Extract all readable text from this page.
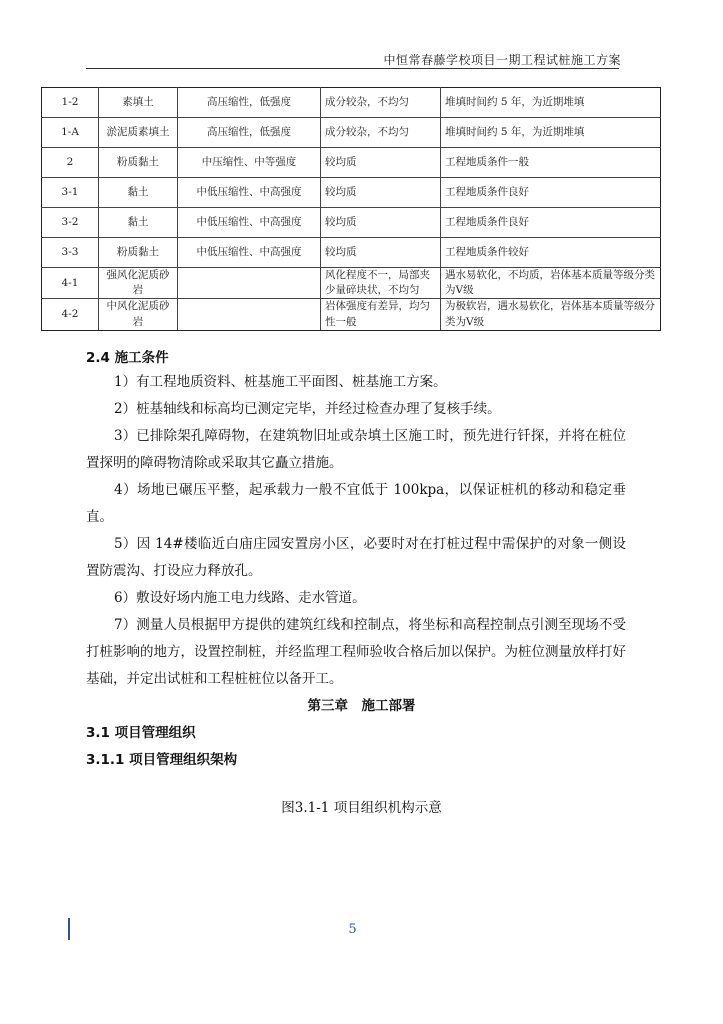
中恒常春藤学校项目一期工程试桩施工方案
1-2	素填土	高压缩性，低强度	成分较杂，不均匀	堆填时间约 5 年，为近期堆填
1-A	淤泥质素填土	高压缩性，低强度	成分较杂，不均匀	堆填时间约 5 年，为近期堆填
2	粉质黏土	中压缩性、中等强度	较均质	工程地质条件一般
3-1	黏土	中低压缩性、中高强度	较均质	工程地质条件良好
3-2	黏土	中低压缩性、中高强度	较均质	工程地质条件良好
3-3	粉质黏土	中低压缩性、中高强度	较均质	工程地质条件较好
4-1	强风化泥质砂岩		风化程度不一，局部夹少量碎块状，不均匀	遇水易软化，不均质，岩体基本质量等级分类为Ⅴ级
4-2	中风化泥质砂岩		岩体强度有差异，均匀性一般	为极软岩，遇水易软化，岩体基本质量等级分类为Ⅴ级
2.4 施工条件
1）有工程地质资料、桩基施工平面图、桩基施工方案。
2）桩基轴线和标高均已测定完毕，并经过检查办理了复核手续。
3）已排除架孔障碍物，在建筑物旧址或杂填土区施工时，预先进行钎探，并将在桩位置探明的障碍物清除或采取其它矗立措施。
4）场地已碾压平整，起承载力一般不宜低于 100kpa，以保证桩机的移动和稳定垂直。
5）因 14#楼临近白庙庄园安置房小区，必要时对在打桩过程中需保护的对象一侧设置防震沟、打设应力释放孔。
6）敷设好场内施工电力线路、走水管道。
7）测量人员根据甲方提供的建筑红线和控制点，将坐标和高程控制点引测至现场不受打桩影响的地方，设置控制桩，并经监理工程师验收合格后加以保护。为桩位测量放样打好基础，并定出试桩和工程桩桩位以备开工。
第三章　施工部署
3.1 项目管理组织
3.1.1 项目管理组织架构
图3.1-1 项目组织机构示意
5
